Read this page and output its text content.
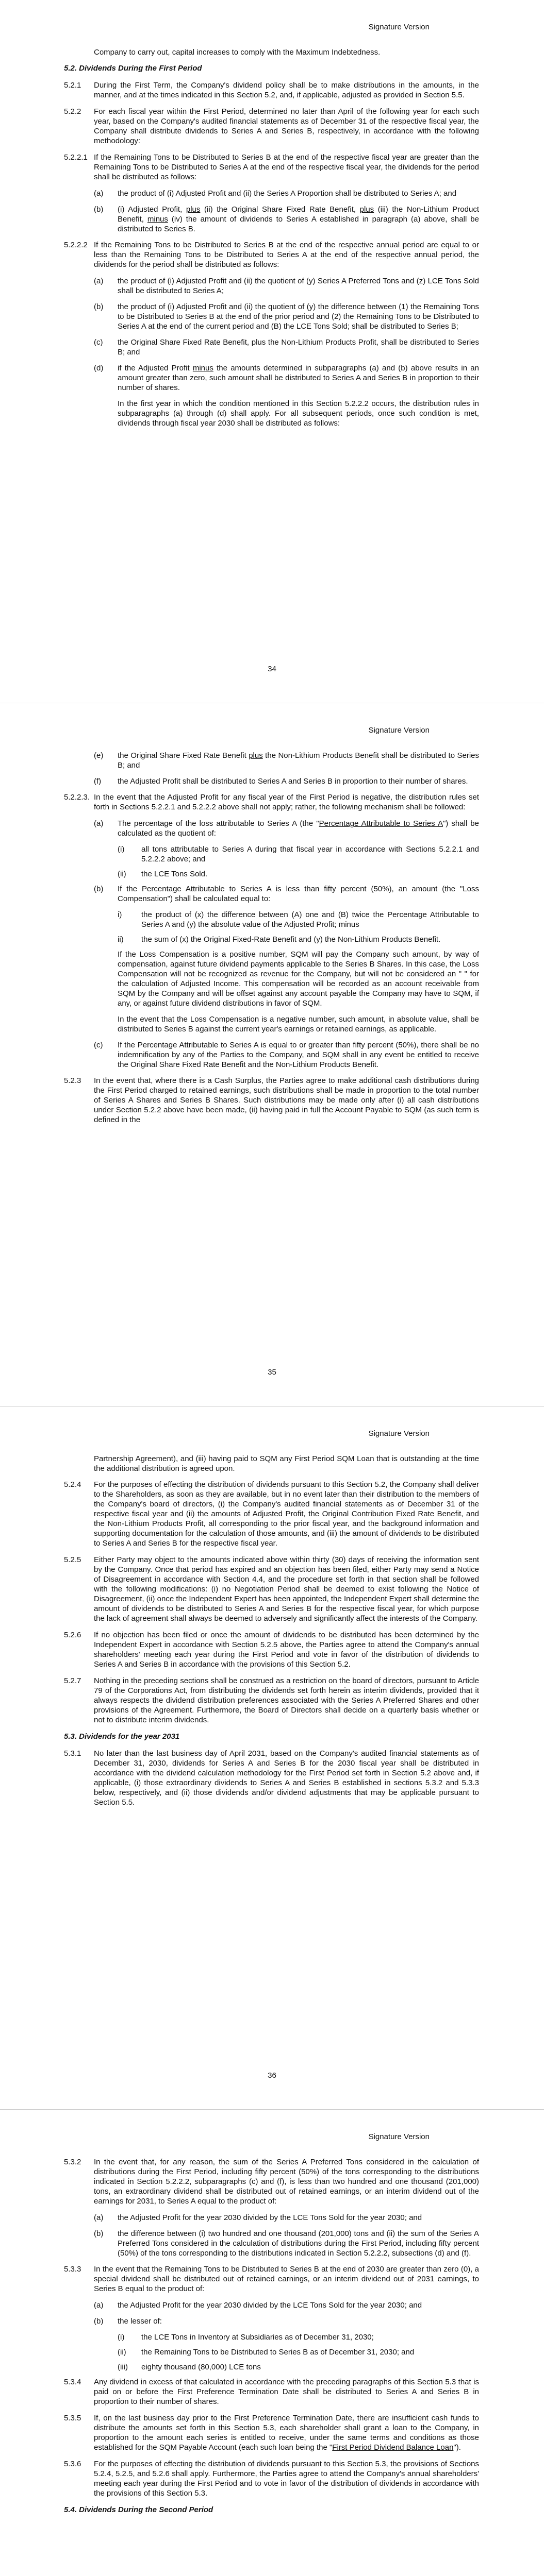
Signature Version
Company to carry out, capital increases to comply with the Maximum Indebtedness.
5.2. Dividends During the First Period
5.2.1	During the First Term, the Company's dividend policy shall be to make distributions in the amounts, in the manner, and at the times indicated in this Section 5.2, and, if applicable, adjusted as provided in Section 5.5.
5.2.2	For each fiscal year within the First Period, determined no later than April of the following year for each such year, based on the Company's audited financial statements as of December 31 of the respective fiscal year, the Company shall distribute dividends to Series A and Series B, respectively, in accordance with the following methodology:
5.2.2.1 If the Remaining Tons to be Distributed to Series B at the end of the respective fiscal year are greater than the Remaining Tons to be Distributed to Series A at the end of the respective fiscal year, the dividends for the period shall be distributed as follows:
(a)	the product of (i) Adjusted Profit and (ii) the Series A Proportion shall be distributed to Series A; and
(b)	(i) Adjusted Profit, plus (ii) the Original Share Fixed Rate Benefit, plus (iii) the Non-Lithium Product Benefit, minus (iv) the amount of dividends to Series A established in paragraph (a) above, shall be distributed to Series B.
5.2.2.2 If the Remaining Tons to be Distributed to Series B at the end of the respective annual period are equal to or less than the Remaining Tons to be Distributed to Series A at the end of the respective annual period, the dividends for the period shall be distributed as follows:
(a)	the product of (i) Adjusted Profit and (ii) the quotient of (y) Series A Preferred Tons and (z) LCE Tons Sold shall be distributed to Series A;
(b)	the product of (i) Adjusted Profit and (ii) the quotient of (y) the difference between (1) the Remaining Tons to be Distributed to Series B at the end of the prior period and (2) the Remaining Tons to be Distributed to Series A at the end of the current period and (B) the LCE Tons Sold; shall be distributed to Series B;
(c)	the Original Share Fixed Rate Benefit, plus the Non-Lithium Products Profit, shall be distributed to Series B; and
(d)	if the Adjusted Profit minus the amounts determined in subparagraphs (a) and (b) above results in an amount greater than zero, such amount shall be distributed to Series A and Series B in proportion to their number of shares.
In the first year in which the condition mentioned in this Section 5.2.2.2 occurs, the distribution rules in subparagraphs (a) through (d) shall apply. For all subsequent periods, once such condition is met, dividends through fiscal year 2030 shall be distributed as follows:
34
Signature Version
(e)	the Original Share Fixed Rate Benefit plus the Non-Lithium Products Benefit shall be distributed to Series B; and
(f)	the Adjusted Profit shall be distributed to Series A and Series B in proportion to their number of shares.
5.2.2.3. In the event that the Adjusted Profit for any fiscal year of the First Period is negative, the distribution rules set forth in Sections 5.2.2.1 and 5.2.2.2 above shall not apply; rather, the following mechanism shall be followed:
(a)	The percentage of the loss attributable to Series A (the "Percentage Attributable to Series A") shall be calculated as the quotient of:
(i)	all tons attributable to Series A during that fiscal year in accordance with Sections 5.2.2.1 and 5.2.2.2 above; and
(ii)	the LCE Tons Sold.
(b)	If the Percentage Attributable to Series A is less than fifty percent (50%), an amount (the "Loss Compensation") shall be calculated equal to:
i)	the product of (x) the difference between (A) one and (B) twice the Percentage Attributable to Series A and (y) the absolute value of the Adjusted Profit; minus
ii)	the sum of (x) the Original Fixed-Rate Benefit and (y) the Non-Lithium Products Benefit.
If the Loss Compensation is a positive number, SQM will pay the Company such amount, by way of compensation, against future dividend payments applicable to the Series B Shares. In this case, the Loss Compensation will not be recognized as revenue for the Company, but will not be considered an " " for the calculation of Adjusted Income. This compensation will be recorded as an account receivable from SQM by the Company and will be offset against any account payable the Company may have to SQM, if any, or against future dividend distributions in favor of SQM.
In the event that the Loss Compensation is a negative number, such amount, in absolute value, shall be distributed to Series B against the current year's earnings or retained earnings, as applicable.
(c)	If the Percentage Attributable to Series A is equal to or greater than fifty percent (50%), there shall be no indemnification by any of the Parties to the Company, and SQM shall in any event be entitled to receive the Original Share Fixed Rate Benefit and the Non-Lithium Products Benefit.
5.2.3	In the event that, where there is a Cash Surplus, the Parties agree to make additional cash distributions during the First Period charged to retained earnings, such distributions shall be made in proportion to the total number of Series A Shares and Series B Shares. Such distributions may be made only after (i) all cash distributions under Section 5.2.2 above have been made, (ii) having paid in full the Account Payable to SQM (as such term is defined in the
35
Signature Version
Partnership Agreement), and (iii) having paid to SQM any First Period SQM Loan that is outstanding at the time the additional distribution is agreed upon.
5.2.4	For the purposes of effecting the distribution of dividends pursuant to this Section 5.2, the Company shall deliver to the Shareholders, as soon as they are available, but in no event later than their distribution to the members of the Company's board of directors, (i) the Company's audited financial statements as of December 31 of the respective fiscal year and (ii) the amounts of Adjusted Profit, the Original Contribution Fixed Rate Benefit, and the Non-Lithium Products Profit, all corresponding to the prior fiscal year, and the background information and supporting documentation for the calculation of those amounts, and (iii) the amount of dividends to be distributed to Series A and Series B for the respective fiscal year.
5.2.5	Either Party may object to the amounts indicated above within thirty (30) days of receiving the information sent by the Company. Once that period has expired and an objection has been filed, either Party may send a Notice of Disagreement in accordance with Section 4.4, and the procedure set forth in that section shall be followed with the following modifications: (i) no Negotiation Period shall be deemed to exist following the Notice of Disagreement, (ii) once the Independent Expert has been appointed, the Independent Expert shall determine the amount of dividends to be distributed to Series A and Series B for the respective fiscal year, for which purpose the lack of agreement shall always be deemed to adversely and significantly affect the interests of the Company.
5.2.6	If no objection has been filed or once the amount of dividends to be distributed has been determined by the Independent Expert in accordance with Section 5.2.5 above, the Parties agree to attend the Company's annual shareholders' meeting each year during the First Period and vote in favor of the distribution of dividends to Series A and Series B in accordance with the provisions of this Section 5.2.
5.2.7	Nothing in the preceding sections shall be construed as a restriction on the board of directors, pursuant to Article 79 of the Corporations Act, from distributing the dividends set forth herein as interim dividends, provided that it always respects the dividend distribution preferences associated with the Series A Preferred Shares and other provisions of the Agreement. Furthermore, the Board of Directors shall decide on a quarterly basis whether or not to distribute interim dividends.
5.3. Dividends for the year 2031
5.3.1	No later than the last business day of April 2031, based on the Company's audited financial statements as of December 31, 2030, dividends for Series A and Series B for the 2030 fiscal year shall be distributed in accordance with the dividend calculation methodology for the First Period set forth in Section 5.2 above and, if applicable, (i) those extraordinary dividends to Series A and Series B established in sections 5.3.2 and 5.3.3 below, respectively, and (ii) those dividends and/or dividend adjustments that may be applicable pursuant to Section 5.5.
36
Signature Version
5.3.2	In the event that, for any reason, the sum of the Series A Preferred Tons considered in the calculation of distributions during the First Period, including fifty percent (50%) of the tons corresponding to the distributions indicated in Section 5.2.2.2, subparagraphs (c) and (f), is less than two hundred and one thousand (201,000) tons, an extraordinary dividend shall be distributed out of retained earnings, or an interim dividend out of the earnings for 2031, to Series A equal to the product of:
(a)	the Adjusted Profit for the year 2030 divided by the LCE Tons Sold for the year 2030; and
(b)	the difference between (i) two hundred and one thousand (201,000) tons and (ii) the sum of the Series A Preferred Tons considered in the calculation of distributions during the First Period, including fifty percent (50%) of the tons corresponding to the distributions indicated in Section 5.2.2.2, subsections (d) and (f).
5.3.3	In the event that the Remaining Tons to be Distributed to Series B at the end of 2030 are greater than zero (0), a special dividend shall be distributed out of retained earnings, or an interim dividend out of 2031 earnings, to Series B equal to the product of:
(a)	the Adjusted Profit for the year 2030 divided by the LCE Tons Sold for the year 2030; and
(b)	the lesser of:
(i)	the LCE Tons in Inventory at Subsidiaries as of December 31, 2030;
(ii)	the Remaining Tons to be Distributed to Series B as of December 31, 2030; and
(iii)	eighty thousand (80,000) LCE tons
5.3.4	Any dividend in excess of that calculated in accordance with the preceding paragraphs of this Section 5.3 that is paid on or before the First Preference Termination Date shall be distributed to Series A and Series B in proportion to their number of shares.
5.3.5	If, on the last business day prior to the First Preference Termination Date, there are insufficient cash funds to distribute the amounts set forth in this Section 5.3, each shareholder shall grant a loan to the Company, in proportion to the amount each series is entitled to receive, under the same terms and conditions as those established for the SQM Payable Account (each such loan being the "First Period Dividend Balance Loan").
5.3.6	For the purposes of effecting the distribution of dividends pursuant to this Section 5.3, the provisions of Sections 5.2.4, 5.2.5, and 5.2.6 shall apply. Furthermore, the Parties agree to attend the Company's annual shareholders' meeting each year during the First Period and to vote in favor of the distribution of dividends in accordance with the provisions of this Section 5.3.
5.4. Dividends During the Second Period
